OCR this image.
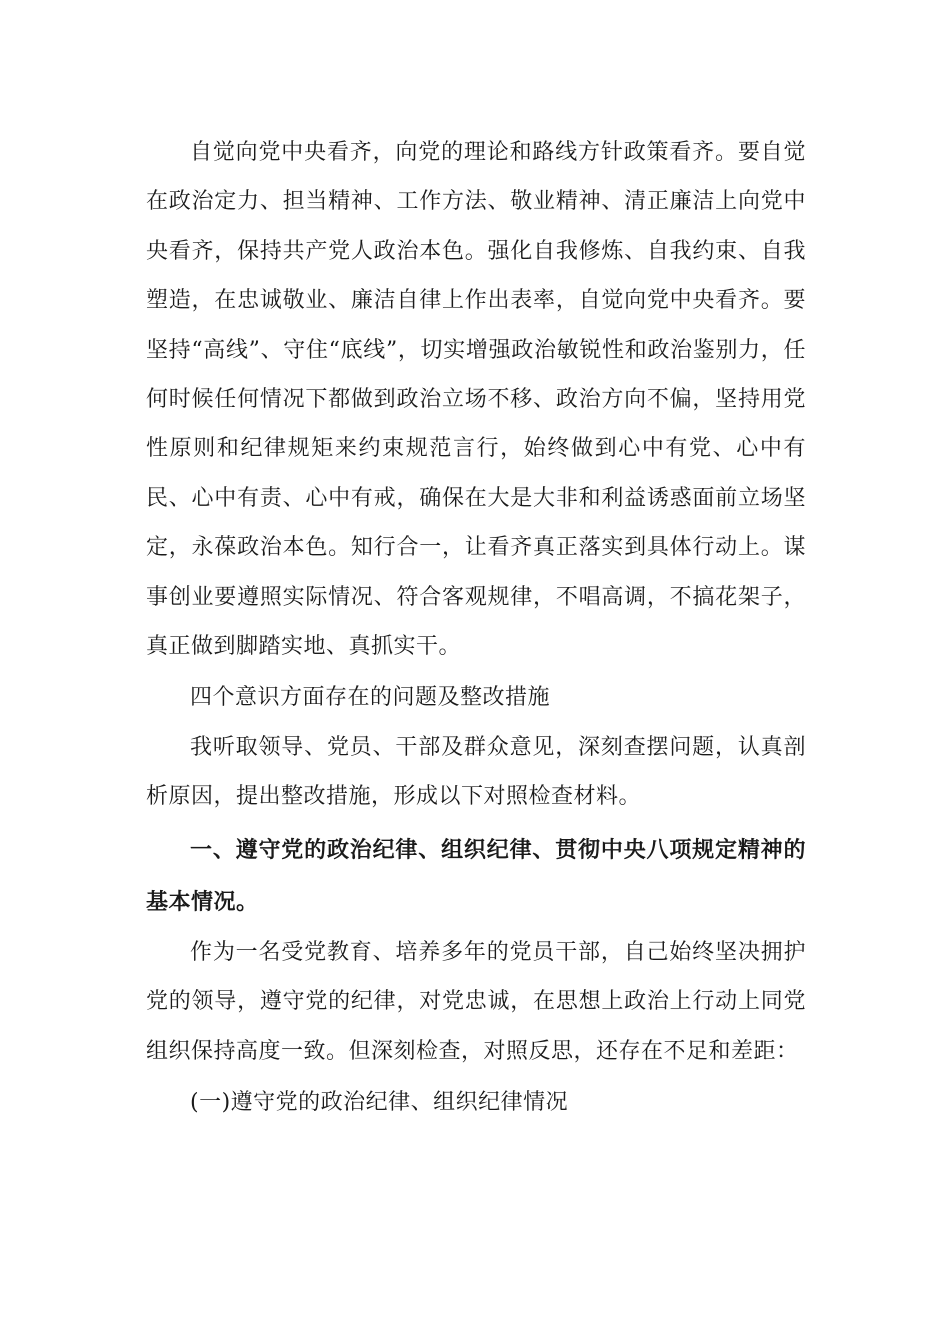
自觉向党中央看齐，向党的理论和路线方针政策看齐。要自觉在政治定力、担当精神、工作方法、敬业精神、清正廉洁上向党中央看齐，保持共产党人政治本色。强化自我修炼、自我约束、自我塑造，在忠诚敬业、廉洁自律上作出表率，自觉向党中央看齐。要坚持“高线”、守住“底线”，切实增强政治敏锐性和政治鉴别力，任何时候任何情况下都做到政治立场不移、政治方向不偏，坚持用党性原则和纪律规矩来约束规范言行，始终做到心中有党、心中有民、心中有责、心中有戒，确保在大是大非和利益诱惑面前立场坚定，永葆政治本色。知行合一，让看齐真正落实到具体行动上。谋事创业要遵照实际情况、符合客观规律，不唱高调，不搞花架子，真正做到脚踏实地、真抓实干。

四个意识方面存在的问题及整改措施

我听取领导、党员、干部及群众意见，深刻查摆问题，认真剖析原因，提出整改措施，形成以下对照检查材料。

一、遵守党的政治纪律、组织纪律、贯彻中央八项规定精神的基本情况。

作为一名受党教育、培养多年的党员干部，自己始终坚决拥护党的领导，遵守党的纪律，对党忠诚，在思想上政治上行动上同党组织保持高度一致。但深刻检查，对照反思，还存在不足和差距：

(一)遵守党的政治纪律、组织纪律情况
